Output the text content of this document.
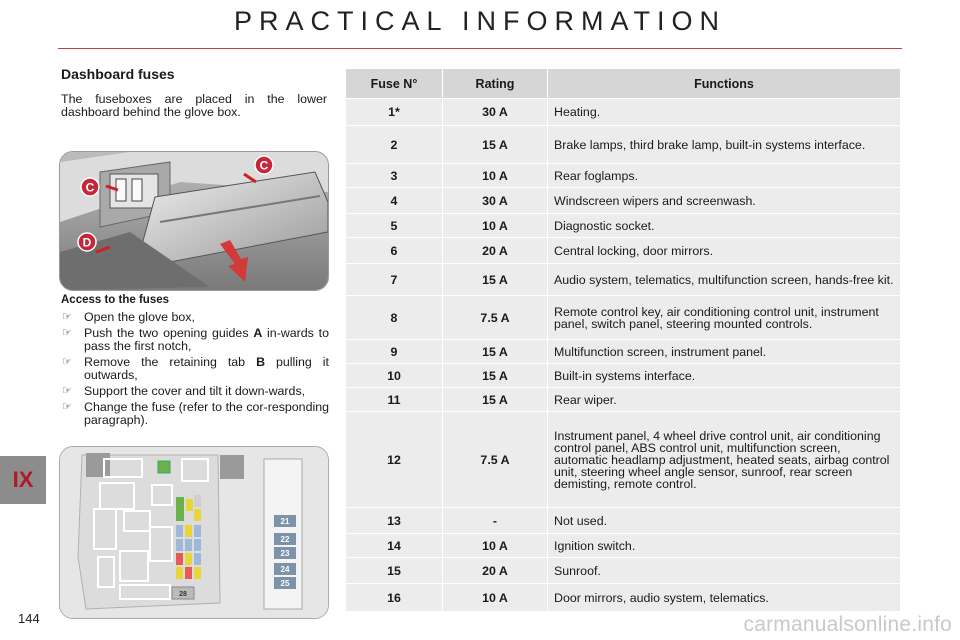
PRACTICAL INFORMATION
Dashboard fuses
The fuseboxes are placed in the lower dashboard behind the glove box.
C
C
D
Access to the fuses
☞ Open the glove box,
☞ Push the two opening guides A in-wards to pass the first notch,
☞ Remove the retaining tab B pulling it outwards,
☞ Support the cover and tilt it down-wards,
☞ Change the fuse (refer to the cor-responding paragraph).
28
21
22
23
24
25
IX
144	carmanualsonline.info
Fuse N°	Rating	Functions
1*	30 A	Heating.
2	15 A	Brake lamps, third brake lamp, built-in systems interface.
3	10 A	Rear foglamps.
4	30 A	Windscreen wipers and screenwash.
5	10 A	Diagnostic socket.
6	20 A	Central locking, door mirrors.
7	15 A	Audio system, telematics, multifunction screen, hands-free kit.
8	7.5 A	Remote control key, air conditioning control unit, instrument panel, switch panel, steering mounted controls.
9	15 A	Multifunction screen, instrument panel.
10	15 A	Built-in systems interface.
11	15 A	Rear wiper.
12	7.5 A	Instrument panel, 4 wheel drive control unit, air conditioning control panel, ABS control unit, multifunction screen, automatic headlamp adjustment, heated seats, airbag control unit, steering wheel angle sensor, sunroof, rear screen demisting, remote control.
13	-	Not used.
14	10 A	Ignition switch.
15	20 A	Sunroof.
16	10 A	Door mirrors, audio system, telematics.
